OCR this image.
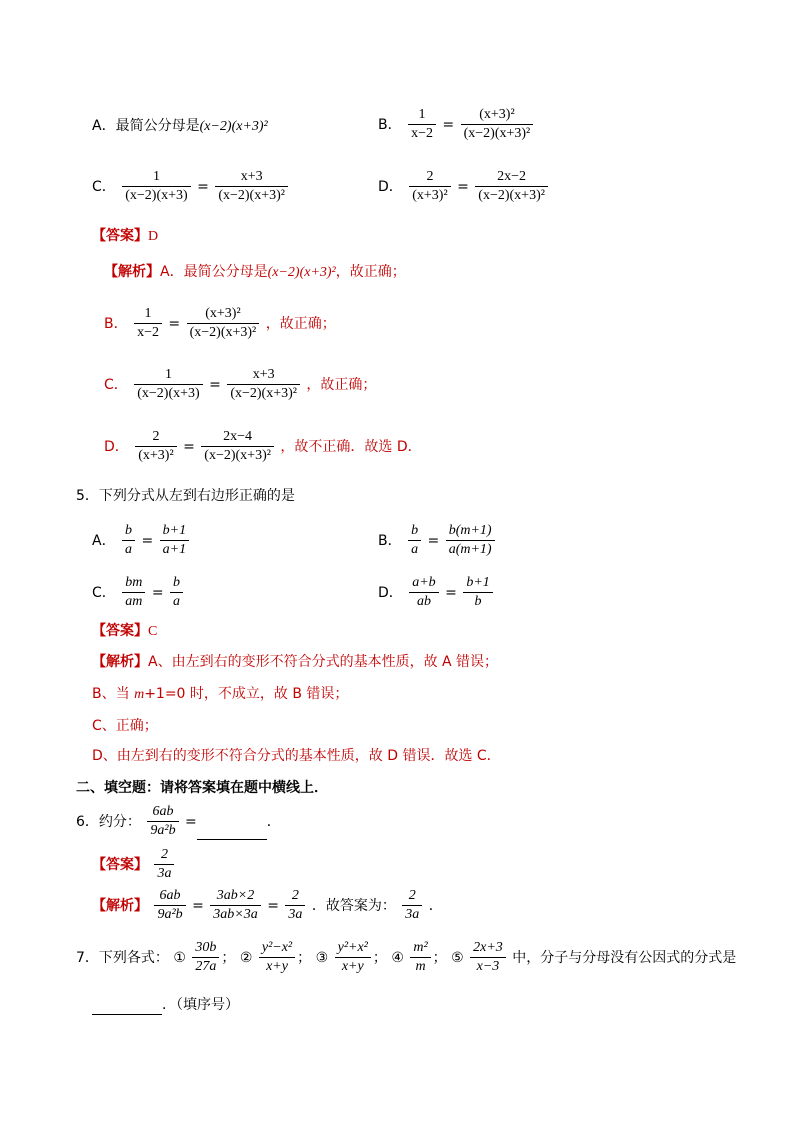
A．最简公分母是(x−2)(x+3)²	B． $\frac{1}{x-2} = \frac{\text{(x+3)²}}{\text{(x−2)(x+3)²}}$
C． $\frac{1}{(x-2)(x+3)} = \frac{x+3}{\text{(x−2)(x+3)²}}$	D． $\frac{2}{\text{(x+3)²}} = \frac{2x-2}{\text{(x−2)(x+3)²}}$
【答案】D
【解析】A．最简公分母是(x−2)(x+3)²，故正确；
B． $\frac{1}{x-2} = \frac{\text{(x+3)²}}{\text{(x−2)(x+3)²}}$ ，故正确；
C． $\frac{1}{(x-2)(x+3)} = \frac{x+3}{\text{(x−2)(x+3)²}}$ ，故正确；
D． $\frac{2}{\text{(x+3)²}} = \frac{2x-4}{\text{(x−2)(x+3)²}}$ ，故不正确．故选 D．
5．下列分式从左到右边形正确的是
A． $\frac{b}{a} = \frac{b+1}{a+1}$	B． $\frac{b}{a} = \frac{b(m+1)}{a(m+1)}$
C． $\frac{bm}{am} = \frac{b}{a}$	D． $\frac{a+b}{ab} = \frac{b+1}{b}$
【答案】C
【解析】A、由左到右的变形不符合分式的基本性质，故 A 错误；
B、当 m+1=0 时，不成立，故 B 错误；
C、正确；
D、由左到右的变形不符合分式的基本性质，故 D 错误．故选 C．
二、填空题：请将答案填在题中横线上．
6．约分： $\frac{6ab}{\text{9a²b}}$ =	．
【答案】 $\frac{2}{3a}$
【解析】 $\frac{6ab}{\text{9a²b}} = \frac{3ab\times 2}{3ab\times 3a} = \frac{2}{3a}$ ．故答案为： $\frac{2}{3a}$ ．
7．下列各式： ① $\frac{30b}{27a}$ ； ② $\frac{\text{y²−x²}}{x+y}$ ； ③ $\frac{\text{y²+x²}}{x+y}$ ； ④ $\frac{\text{m²}}{m}$ ； ⑤ $\frac{2x+3}{x-3}$ 中，分子与分母没有公因式的分式是
．（填序号）
